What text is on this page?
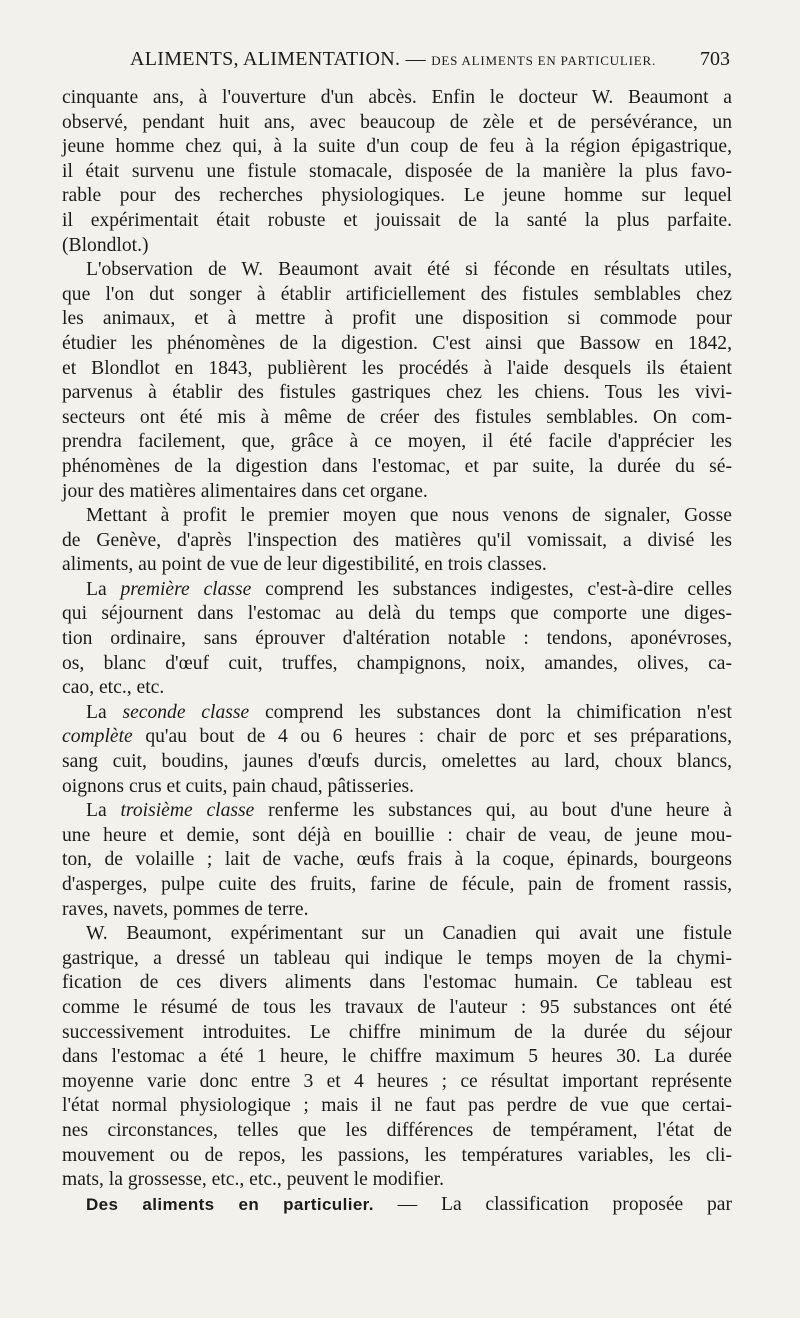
ALIMENTS, ALIMENTATION. — DES ALIMENTS EN PARTICULIER. 703
cinquante ans, à l'ouverture d'un abcès. Enfin le docteur W. Beaumont a
observé, pendant huit ans, avec beaucoup de zèle et de persévérance, un
jeune homme chez qui, à la suite d'un coup de feu à la région épigastrique,
il était survenu une fistule stomacale, disposée de la manière la plus favo-
rable pour des recherches physiologiques. Le jeune homme sur lequel
il expérimentait était robuste et jouissait de la santé la plus parfaite.
(Blondlot.)
L'observation de W. Beaumont avait été si féconde en résultats utiles,
que l'on dut songer à établir artificiellement des fistules semblables chez
les animaux, et à mettre à profit une disposition si commode pour
étudier les phénomènes de la digestion. C'est ainsi que Bassow en 1842,
et Blondlot en 1843, publièrent les procédés à l'aide desquels ils étaient
parvenus à établir des fistules gastriques chez les chiens. Tous les vivi-
secteurs ont été mis à même de créer des fistules semblables. On com-
prendra facilement, que, grâce à ce moyen, il été facile d'apprécier les
phénomènes de la digestion dans l'estomac, et par suite, la durée du sé-
jour des matières alimentaires dans cet organe.
Mettant à profit le premier moyen que nous venons de signaler, Gosse
de Genève, d'après l'inspection des matières qu'il vomissait, a divisé les
aliments, au point de vue de leur digestibilité, en trois classes.
La première classe comprend les substances indigestes, c'est-à-dire celles
qui séjournent dans l'estomac au delà du temps que comporte une diges-
tion ordinaire, sans éprouver d'altération notable : tendons, aponévroses,
os, blanc d'œuf cuit, truffes, champignons, noix, amandes, olives, ca-
cao, etc., etc.
La seconde classe comprend les substances dont la chimification n'est
complète qu'au bout de 4 ou 6 heures : chair de porc et ses préparations,
sang cuit, boudins, jaunes d'œufs durcis, omelettes au lard, choux blancs,
oignons crus et cuits, pain chaud, pâtisseries.
La troisième classe renferme les substances qui, au bout d'une heure à
une heure et demie, sont déjà en bouillie : chair de veau, de jeune mou-
ton, de volaille ; lait de vache, œufs frais à la coque, épinards, bourgeons
d'asperges, pulpe cuite des fruits, farine de fécule, pain de froment rassis,
raves, navets, pommes de terre.
W. Beaumont, expérimentant sur un Canadien qui avait une fistule
gastrique, a dressé un tableau qui indique le temps moyen de la chymi-
fication de ces divers aliments dans l'estomac humain. Ce tableau est
comme le résumé de tous les travaux de l'auteur : 95 substances ont été
successivement introduites. Le chiffre minimum de la durée du séjour
dans l'estomac a été 1 heure, le chiffre maximum 5 heures 30. La durée
moyenne varie donc entre 3 et 4 heures ; ce résultat important représente
l'état normal physiologique ; mais il ne faut pas perdre de vue que certai-
nes circonstances, telles que les différences de tempérament, l'état de
mouvement ou de repos, les passions, les températures variables, les cli-
mats, la grossesse, etc., etc., peuvent le modifier.
Des aliments en particulier. — La classification proposée par
